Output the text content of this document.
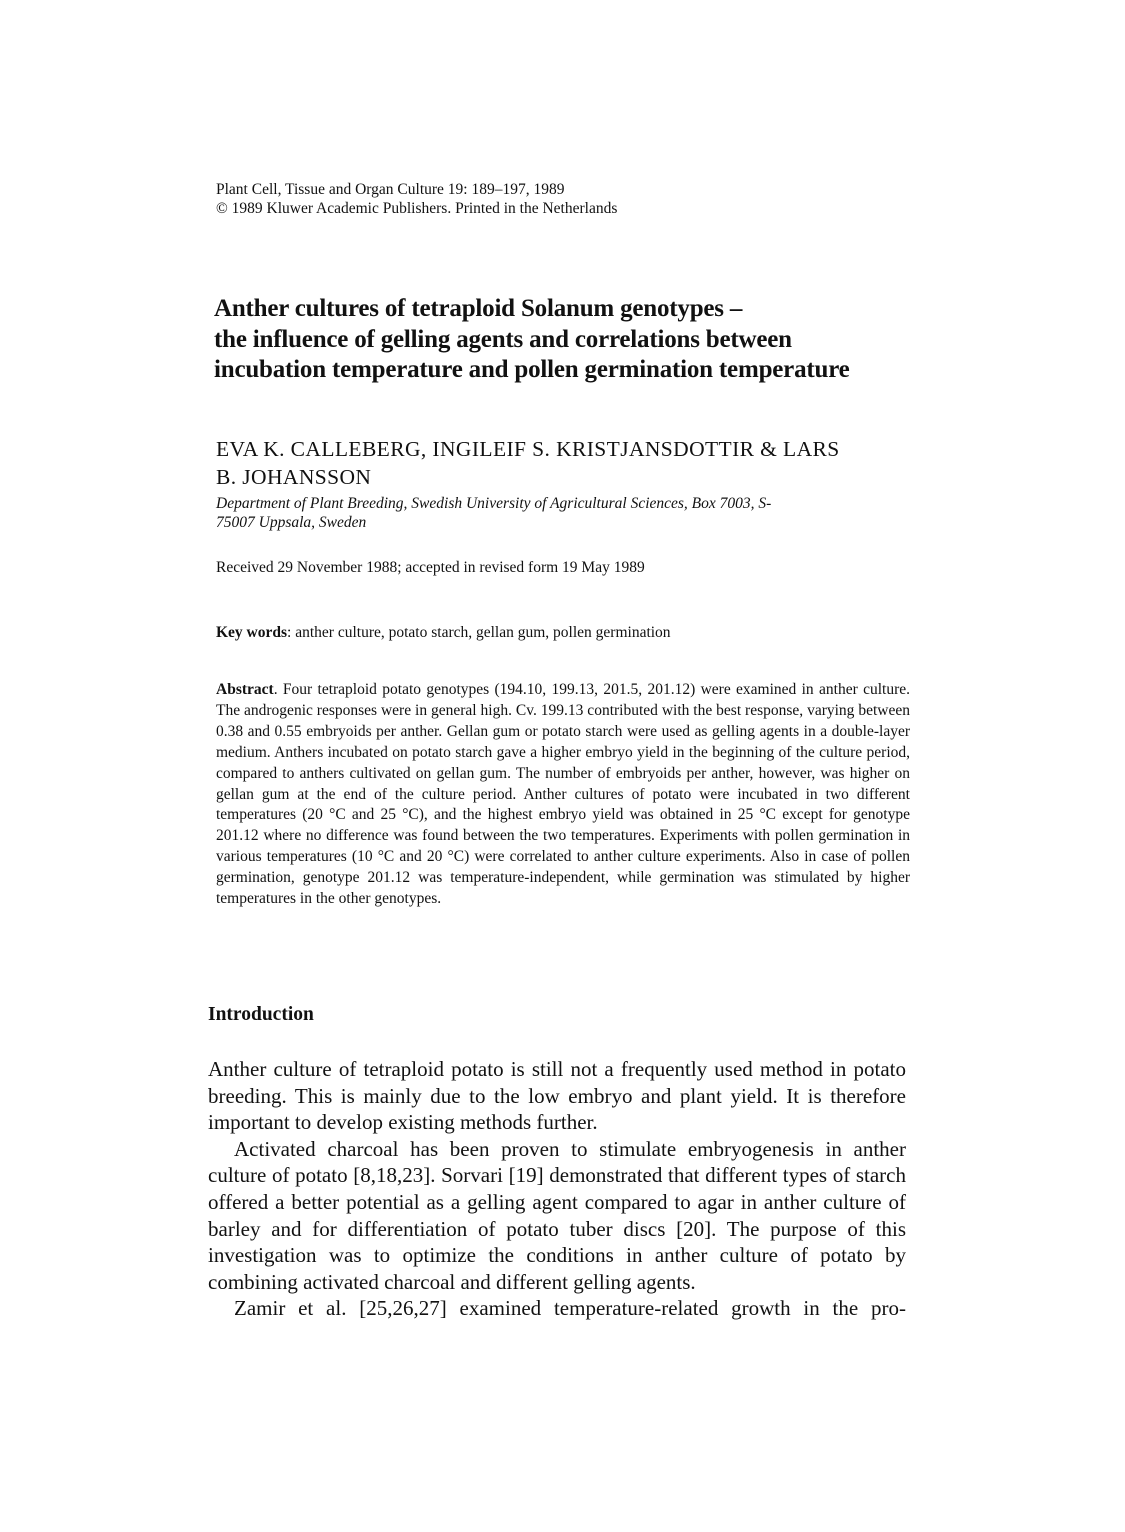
Plant Cell, Tissue and Organ Culture 19: 189–197, 1989
© 1989 Kluwer Academic Publishers. Printed in the Netherlands
Anther cultures of tetraploid Solanum genotypes –
the influence of gelling agents and correlations between
incubation temperature and pollen germination temperature
EVA K. CALLEBERG, INGILEIF S. KRISTJANSDOTTIR & LARS
B. JOHANSSON
Department of Plant Breeding, Swedish University of Agricultural Sciences, Box 7003, S-
75007 Uppsala, Sweden
Received 29 November 1988; accepted in revised form 19 May 1989
Key words: anther culture, potato starch, gellan gum, pollen germination
Abstract. Four tetraploid potato genotypes (194.10, 199.13, 201.5, 201.12) were examined in anther culture. The androgenic responses were in general high. Cv. 199.13 contributed with the best response, varying between 0.38 and 0.55 embryoids per anther. Gellan gum or potato starch were used as gelling agents in a double-layer medium. Anthers incubated on potato starch gave a higher embryo yield in the beginning of the culture period, compared to anthers cultivated on gellan gum. The number of embryoids per anther, however, was higher on gellan gum at the end of the culture period. Anther cultures of potato were incubated in two different temperatures (20 °C and 25 °C), and the highest embryo yield was obtained in 25 °C except for genotype 201.12 where no difference was found between the two temperatures. Experiments with pollen germination in various temperatures (10 °C and 20 °C) were correlated to anther culture experiments. Also in case of pollen germination, genotype 201.12 was temperature-independent, while germination was stimulated by higher temperatures in the other genotypes.
Introduction

Anther culture of tetraploid potato is still not a frequently used method in potato breeding. This is mainly due to the low embryo and plant yield. It is therefore important to develop existing methods further.

Activated charcoal has been proven to stimulate embryogenesis in anther culture of potato [8,18,23]. Sorvari [19] demonstrated that different types of starch offered a better potential as a gelling agent compared to agar in anther culture of barley and for differentiation of potato tuber discs [20]. The purpose of this investigation was to optimize the conditions in anther culture of potato by combining activated charcoal and different gelling agents.

Zamir et al. [25,26,27] examined temperature-related growth in the pro-
